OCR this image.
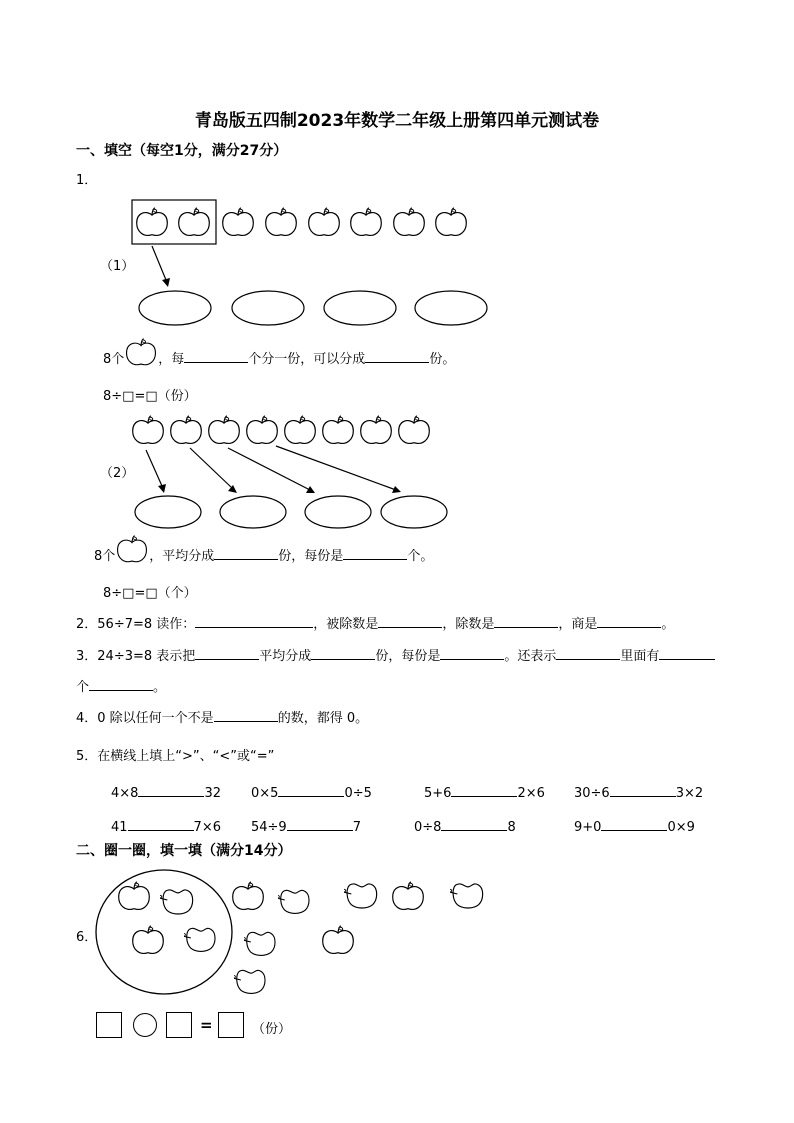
青岛版五四制2023年数学二年级上册第四单元测试卷
一、填空（每空1分，满分27分）
1．
（1）
8个	，每	个分一份，可以分成	份。
8÷□=□（份）
（2）
8个	，平均分成	份，每份是	个。
8÷□=□（个）
2．56÷7=8 读作：	，被除数是	，除数是	，商是	。
3．24÷3=8 表示把	平均分成	份，每份是	。还表示	里面有
个	。
4．0 除以任何一个不是	的数，都得 0。
5．在横线上填上“>”、“<”或“=”
4×8	32 0×5	0÷5	5+6	2×6 30÷6	3×2
41	7×6 54÷9	7	0÷8	8	9+0	0×9
二、圈一圈，填一填（满分14分）
6．
=	（份）
